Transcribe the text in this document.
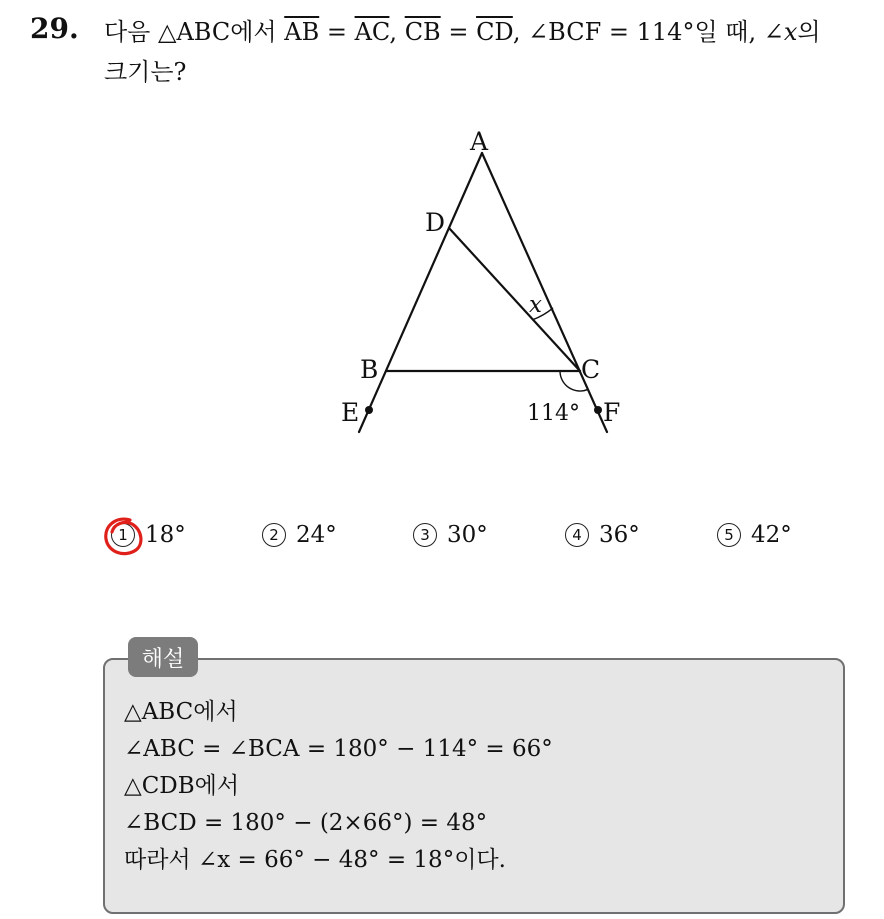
29. 다음 △ABC에서 $\overline{AB} = \overline{AC}$, $\overline{CB} = \overline{CD}$, ∠BCF = 114°일 때, ∠x의
크기는?
A
D
B	C
E	F
x
114°
1 18°	2 24°	3 30°	4 36°	5 42°
해설
△ABC에서
∠ABC = ∠BCA = 180° − 114° = 66°
△CDB에서
∠BCD = 180° − (2×66°) = 48°
따라서 ∠x = 66° − 48° = 18°이다.
